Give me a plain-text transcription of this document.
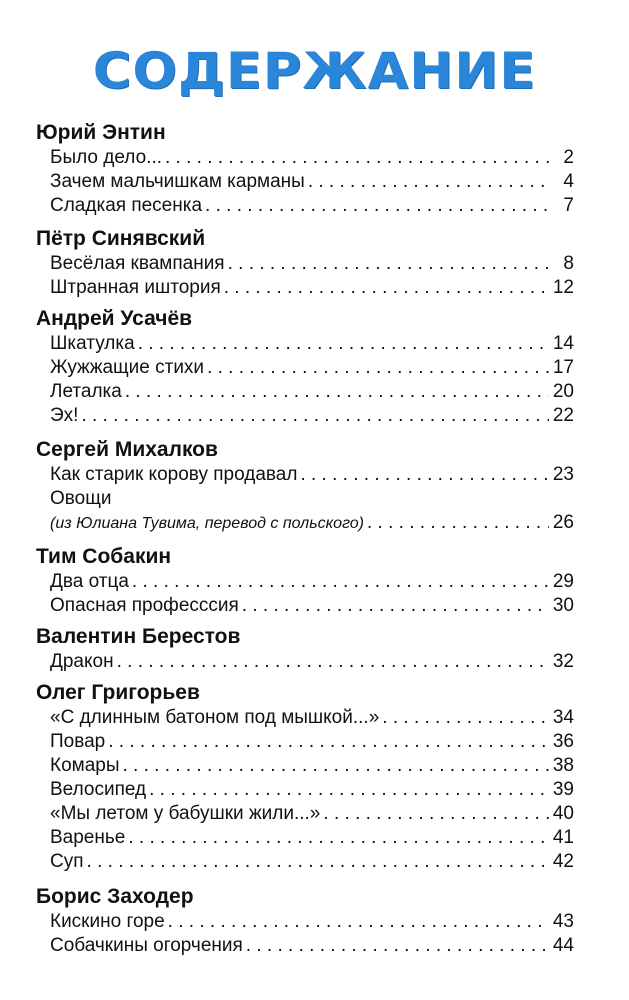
СОДЕРЖАНИЕ
Юрий Энтин
Было дело... . . .	2
Зачем мальчишкам карманы . . .	4
Сладкая песенка . . .	7
Пётр Синявский
Весёлая квампания . . .	8
Штранная иштория . . .	12
Андрей Усачёв
Шкатулка . . .	14
Жужжащие стихи . . .	17
Леталка . . .	20
Эх! . . .	22
Сергей Михалков
Как старик корову продавал . . .	23
Овощи
(из Юлиана Тувима, перевод с польского) . . .	26
Тим Собакин
Два отца . . .	29
Опасная професссия . . .	30
Валентин Берестов
Дракон . . .	32
Олег Григорьев
«С длинным батоном под мышкой...» . . .	34
Повар . . .	36
Комары . . .	38
Велосипед . . .	39
«Мы летом у бабушки жили...» . . .	40
Варенье . . .	41
Суп . . .	42
Борис Заходер
Кискино горе . . .	43
Собачкины огорчения . . .	44
